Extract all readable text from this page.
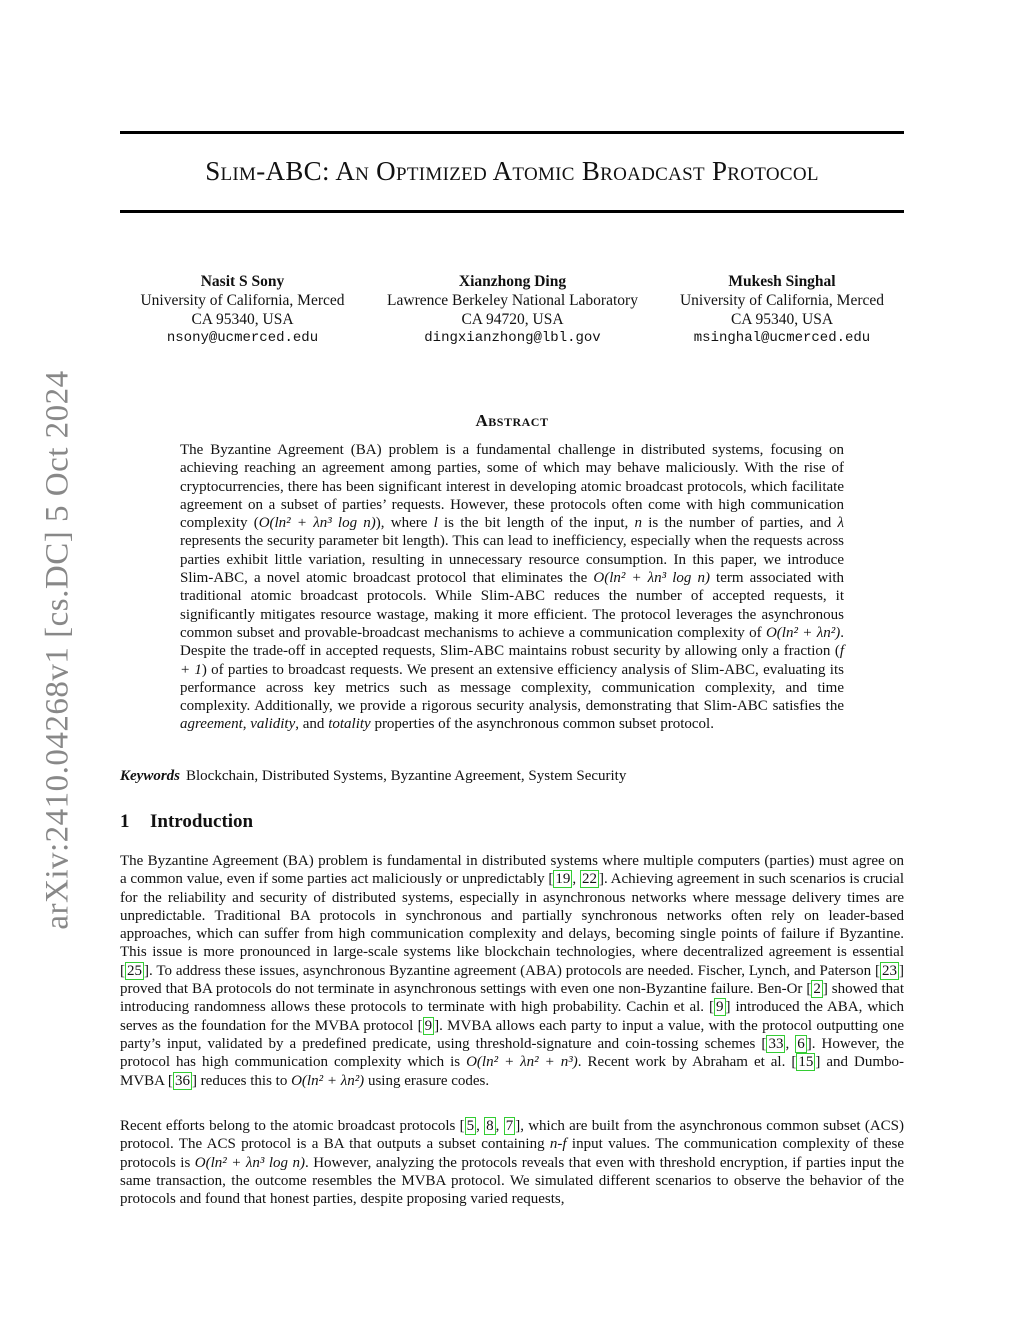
arXiv:2410.04268v1 [cs.DC] 5 Oct 2024
Slim-ABC: An Optimized Atomic Broadcast Protocol
Nasit S Sony
University of California, Merced
CA 95340, USA
nsony@ucmerced.edu
Xianzhong Ding
Lawrence Berkeley National Laboratory
CA 94720, USA
dingxianzhong@lbl.gov
Mukesh Singhal
University of California, Merced
CA 95340, USA
msinghal@ucmerced.edu
Abstract

The Byzantine Agreement (BA) problem is a fundamental challenge in distributed systems, focusing on achieving reaching an agreement among parties, some of which may behave maliciously. With the rise of cryptocurrencies, there has been significant interest in developing atomic broadcast protocols, which facilitate agreement on a subset of parties’ requests. However, these protocols often come with high communication complexity (O(ln² + λn³ log n)), where l is the bit length of the input, n is the number of parties, and λ represents the security parameter bit length). This can lead to inefficiency, especially when the requests across parties exhibit little variation, resulting in unnecessary resource consumption. In this paper, we introduce Slim-ABC, a novel atomic broadcast protocol that eliminates the O(ln² + λn³ log n) term associated with traditional atomic broadcast protocols. While Slim-ABC reduces the number of accepted requests, it significantly mitigates resource wastage, making it more efficient. The protocol leverages the asynchronous common subset and provable-broadcast mechanisms to achieve a communication complexity of O(ln² + λn²). Despite the trade-off in accepted requests, Slim-ABC maintains robust security by allowing only a fraction (f + 1) of parties to broadcast requests. We present an extensive efficiency analysis of Slim-ABC, evaluating its performance across key metrics such as message complexity, communication complexity, and time complexity. Additionally, we provide a rigorous security analysis, demonstrating that Slim-ABC satisfies the agreement, validity, and totality properties of the asynchronous common subset protocol.

Keywords Blockchain, Distributed Systems, Byzantine Agreement, System Security
1 Introduction

The Byzantine Agreement (BA) problem is fundamental in distributed systems where multiple computers (parties) must agree on a common value, even if some parties act maliciously or unpredictably [ 19 , 22 ]. Achieving agreement in such scenarios is crucial for the reliability and security of distributed systems, especially in asynchronous networks where message delivery times are unpredictable. Traditional BA protocols in synchronous and partially synchronous networks often rely on leader-based approaches, which can suffer from high communication complexity and delays, becoming single points of failure if Byzantine. This issue is more pronounced in large-scale systems like blockchain technologies, where decentralized agreement is essential [ 25 ]. To address these issues, asynchronous Byzantine agreement (ABA) protocols are needed. Fischer, Lynch, and Paterson [ 23 ] proved that BA protocols do not terminate in asynchronous settings with even one non-Byzantine failure. Ben-Or [ 2 ] showed that introducing randomness allows these protocols to terminate with high probability. Cachin et al. [ 9 ] introduced the ABA, which serves as the foundation for the MVBA protocol [ 9 ]. MVBA allows each party to input a value, with the protocol outputting one party’s input, validated by a predefined predicate, using threshold-signature and coin-tossing schemes [ 33 , 6 ]. However, the protocol has high communication complexity which is O(ln² + λn² + n³). Recent work by Abraham et al. [ 15 ] and Dumbo-MVBA [ 36 ] reduces this to O(ln² + λn²) using erasure codes.

Recent efforts belong to the atomic broadcast protocols [ 5 , 8 , 7 ], which are built from the asynchronous common subset (ACS) protocol. The ACS protocol is a BA that outputs a subset containing n-f input values. The communication complexity of these protocols is O(ln² + λn³ log n). However, analyzing the protocols reveals that even with threshold encryption, if parties input the same transaction, the outcome resembles the MVBA protocol. We simulated different scenarios to observe the behavior of the protocols and found that honest parties, despite proposing varied requests,
